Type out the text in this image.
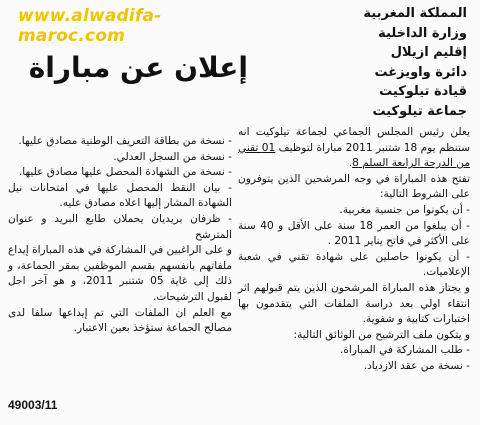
www.alwadifa-maroc.com
المملكة المغربية
وزارة الداخلية
إقليم ازيلال
دائرة واويزغت
قيادة تيلوكيت
جماعة تيلوكيت
إعلان عن مباراة

يعلن رئيس المجلس الجماعي لجماعة تيلوكيت انه ستنظم يوم 18 شتنبر 2011 مباراة لتوظيف 01 تقني من الدرجة الرابعة السلم 8.

تفتح هذه المباراة في وجه المرشحين الذين يتوفرون على الشروط التالية:

- أن يكونوا من جنسية مغربية.

- أن يبلغوا من العمر 18 سنة على الأقل و 40 سنة على الأكثر في فاتح يناير 2011 .

- أن يكونوا حاصلين على شهادة تقني في شعبة الإعلاميات.

و يجتاز هذه المباراة المرشحون الذين يتم قبولهم اثر انتقاء اولي بعد دراسة الملفات التي يتقدمون بها اختبارات كتابية و شفوية.

و يتكون ملف الترشيح من الوثائق التالية:

- طلب المشاركة في المباراة.

- نسخة من عقد الازدياد.

- نسخة من بطاقة التعريف الوطنية مصادق عليها.

- نسخة من السجل العدلي.

- نسخة من الشهادة المحصل عليها مصادق عليها.

- بيان النقط المحصل عليها في امتحانات نيل الشهادة المشار إليها اعلاه مصادق عليه.

- ظرفان بريديان يحملان طابع البريد و عنوان المترشح

و على الراغبين في المشاركة في هذه المباراة إيداع ملفاتهم بانفسهم بقسم الموظفين بمقر الجماعة، و ذلك إلى غاية 05 شتنبر 2011، و هو آخر اجل لقبول الترشيحات.

مع العلم ان الملفات التي تم إيداعها سلفا لدى مصالح الجماعة ستؤخذ بعين الاعتبار.

49003/11
